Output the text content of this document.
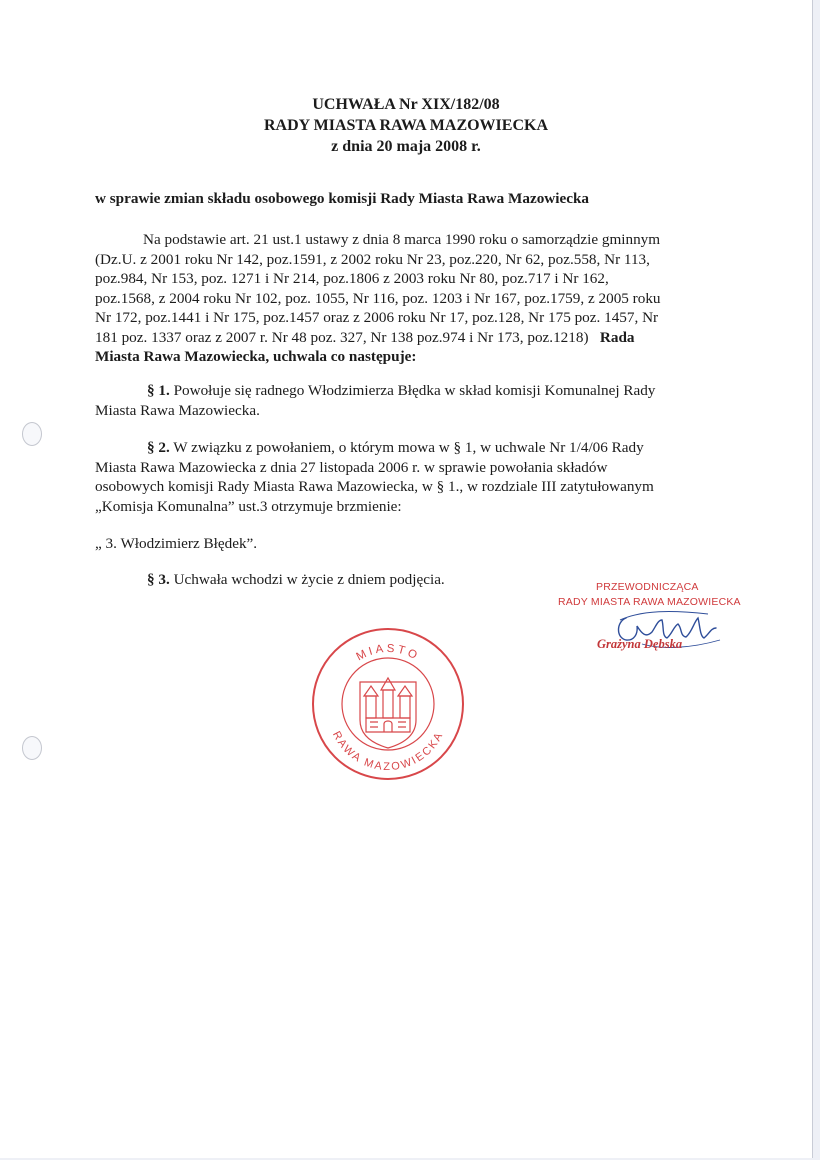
UCHWAŁA Nr XIX/182/08
RADY MIASTA RAWA MAZOWIECKA
z dnia 20 maja 2008 r.
w sprawie zmian składu osobowego komisji Rady Miasta Rawa Mazowiecka
Na podstawie art. 21 ust.1 ustawy z dnia 8 marca 1990 roku o samorządzie gminnym
(Dz.U. z 2001 roku Nr 142, poz.1591, z 2002 roku Nr 23, poz.220, Nr 62, poz.558, Nr 113,
poz.984, Nr 153, poz. 1271 i Nr 214, poz.1806 z 2003 roku Nr 80, poz.717 i Nr 162,
poz.1568, z 2004 roku Nr 102, poz. 1055, Nr 116, poz. 1203 i Nr 167, poz.1759, z 2005 roku
Nr 172, poz.1441 i Nr 175, poz.1457 oraz z 2006 roku Nr 17, poz.128, Nr 175 poz. 1457, Nr
181 poz. 1337 oraz z 2007 r. Nr 48 poz. 327, Nr 138 poz.974 i Nr 173, poz.1218) Rada
Miasta Rawa Mazowiecka, uchwala co następuje:
§ 1. Powołuje się radnego Włodzimierza Błędka w skład komisji Komunalnej Rady
Miasta Rawa Mazowiecka.
§ 2. W związku z powołaniem, o którym mowa w § 1, w uchwale Nr 1/4/06 Rady
Miasta Rawa Mazowiecka z dnia 27 listopada 2006 r. w sprawie powołania składów
osobowych komisji Rady Miasta Rawa Mazowiecka, w § 1., w rozdziale III zatytułowanym
„Komisja Komunalna” ust.3 otrzymuje brzmienie:
„ 3. Włodzimierz Błędek”.
§ 3. Uchwała wchodzi w życie z dniem podjęcia.	PRZEWODNICZĄCA
RADY MIASTA RAWA MAZOWIECKA
Grażyna Dębska
MIASTO
RAWA MAZOWIECKA
